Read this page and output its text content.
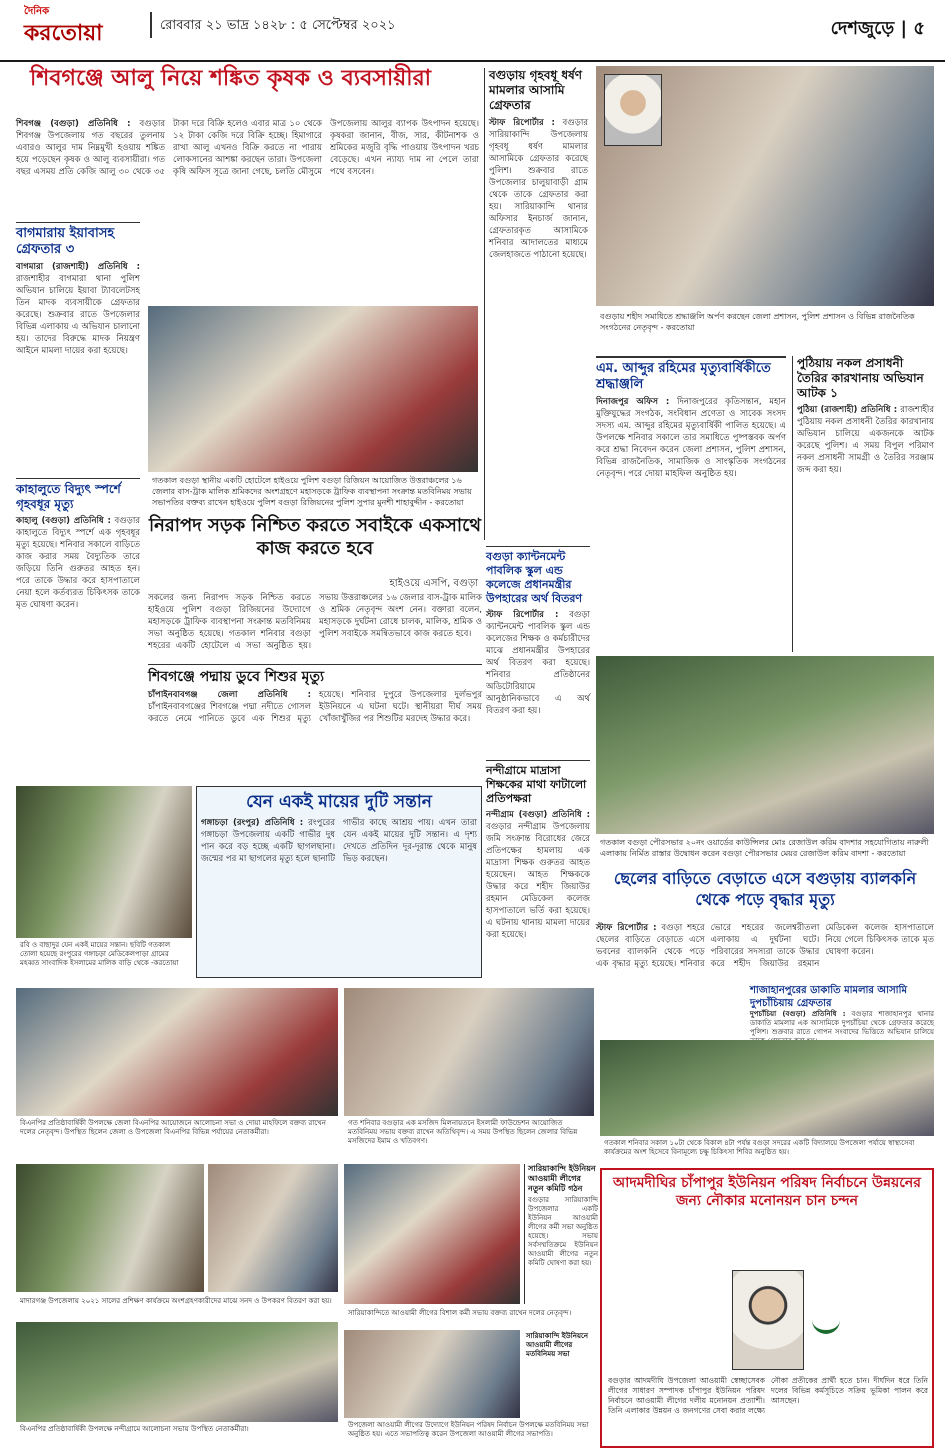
দৈনিক
করতোয়া	রোববার ২১ ভাদ্র ১৪২৮ : ৫ সেপ্টেম্বর ২০২১	দেশজুড়ে | ৫
শিবগঞ্জে আলু নিয়ে শঙ্কিত কৃষক ও ব্যবসায়ীরা
শিবগঞ্জ (বগুড়া) প্রতিনিধি : বগুড়ার শিবগঞ্জ উপজেলায় গত বছরের তুলনায় এবারও আলুর দাম নিম্নমুখী হওয়ায় শঙ্কিত হয়ে পড়েছেন কৃষক ও আলু ব্যবসায়ীরা। গত বছর এসময় প্রতি কেজি আলু ৩০ থেকে ৩৫ টাকা দরে বিক্রি হলেও এবার মাত্র ১০ থেকে ১২ টাকা কেজি দরে বিক্রি হচ্ছে। হিমাগারে রাখা আলু এখনও বিক্রি করতে না পারায় লোকসানের আশঙ্কা করছেন তারা। উপজেলা কৃষি অফিস সূত্রে জানা গেছে, চলতি মৌসুমে উপজেলায় আলুর ব্যাপক উৎপাদন হয়েছে। কৃষকরা জানান, বীজ, সার, কীটনাশক ও শ্রমিকের মজুরি বৃদ্ধি পাওয়ায় উৎপাদন খরচ বেড়েছে। এখন ন্যায্য দাম না পেলে তারা পথে বসবেন।
বগুড়ায় গৃহবধূ ধর্ষণ মামলার আসামি গ্রেফতার
স্টাফ রিপোর্টার : বগুড়ার সারিয়াকান্দি উপজেলায় গৃহবধূ ধর্ষণ মামলার আসামিকে গ্রেফতার করেছে পুলিশ। শুক্রবার রাতে উপজেলার চালুয়াবাড়ী গ্রাম থেকে তাকে গ্রেফতার করা হয়। সারিয়াকান্দি থানার অফিসার ইনচার্জ জানান, গ্রেফতারকৃত আসামিকে শনিবার আদালতের মাধ্যমে জেলহাজতে পাঠানো হয়েছে।
বগুড়ায় শহীদ সমাধিতে শ্রদ্ধাঞ্জলি অর্পণ করছেন জেলা প্রশাসন, পুলিশ প্রশাসন ও বিভিন্ন রাজনৈতিক সংগঠনের নেতৃবৃন্দ - করতোয়া
বাগমারায় ইয়াবাসহ গ্রেফতার ৩
বাগমারা (রাজশাহী) প্রতিনিধি : রাজশাহীর বাগমারা থানা পুলিশ অভিযান চালিয়ে ইয়াবা ট্যাবলেটসহ তিন মাদক ব্যবসায়ীকে গ্রেফতার করেছে। শুক্রবার রাতে উপজেলার বিভিন্ন এলাকায় এ অভিযান চালানো হয়। তাদের বিরুদ্ধে মাদক নিয়ন্ত্রণ আইনে মামলা দায়ের করা হয়েছে।
গতকাল বগুড়া স্থানীয় একটি হোটেলে হাইওয়ে পুলিশ বগুড়া রিজিয়ন আয়োজিত উত্তরাঞ্চলের ১৬ জেলার বাস-ট্রাক মালিক শ্রমিকদের অংশগ্রহণে মহাসড়কে ট্রাফিক ব্যবস্থাপনা সংক্রান্ত মতবিনিময় সভায় সভাপতির বক্তব্য রাখেন হাইওয়ে পুলিশ বগুড়া রিজিয়নের পুলিশ সুপার মুনশী শাহাবুদ্দীন - করতোয়া
নিরাপদ সড়ক নিশ্চিত করতে সবাইকে একসাথে কাজ করতে হবে
হাইওয়ে এসপি, বগুড়া
সকলের জন্য নিরাপদ সড়ক নিশ্চিত করতে হাইওয়ে পুলিশ বগুড়া রিজিয়নের উদ্যোগে মহাসড়কে ট্রাফিক ব্যবস্থাপনা সংক্রান্ত মতবিনিময় সভা অনুষ্ঠিত হয়েছে। গতকাল শনিবার বগুড়া শহরের একটি হোটেলে এ সভা অনুষ্ঠিত হয়। সভায় উত্তরাঞ্চলের ১৬ জেলার বাস-ট্রাক মালিক ও শ্রমিক নেতৃবৃন্দ অংশ নেন। বক্তারা বলেন, মহাসড়কে দুর্ঘটনা রোধে চালক, মালিক, শ্রমিক ও পুলিশ সবাইকে সমন্বিতভাবে কাজ করতে হবে।
কাহালুতে বিদ্যুৎ স্পর্শে গৃহবধূর মৃত্যু
কাহালু (বগুড়া) প্রতিনিধি : বগুড়ার কাহালুতে বিদ্যুৎ স্পর্শে এক গৃহবধূর মৃত্যু হয়েছে। শনিবার সকালে বাড়িতে কাজ করার সময় বৈদ্যুতিক তারে জড়িয়ে তিনি গুরুতর আহত হন। পরে তাকে উদ্ধার করে হাসপাতালে নেয়া হলে কর্তব্যরত চিকিৎসক তাকে মৃত ঘোষণা করেন।
শিবগঞ্জে পদ্মায় ডুবে শিশুর মৃত্যু
চাঁপাইনবাবগঞ্জ জেলা প্রতিনিধি : চাঁপাইনবাবগঞ্জের শিবগঞ্জে পদ্মা নদীতে গোসল করতে নেমে পানিতে ডুবে এক শিশুর মৃত্যু হয়েছে। শনিবার দুপুরে উপজেলার দুর্লভপুর ইউনিয়নে এ ঘটনা ঘটে। স্থানীয়রা দীর্ঘ সময় খোঁজাখুঁজির পর শিশুটির মরদেহ উদ্ধার করে।
বগুড়া ক্যান্টনমেন্ট পাবলিক স্কুল এন্ড কলেজে প্রধানমন্ত্রীর উপহারের অর্থ বিতরণ
স্টাফ রিপোর্টার : বগুড়া ক্যান্টনমেন্ট পাবলিক স্কুল এন্ড কলেজের শিক্ষক ও কর্মচারীদের মাঝে প্রধানমন্ত্রীর উপহারের অর্থ বিতরণ করা হয়েছে। শনিবার প্রতিষ্ঠানের অডিটোরিয়ামে আনুষ্ঠানিকভাবে এ অর্থ বিতরণ করা হয়।
নন্দীগ্রামে মাদ্রাসা শিক্ষকের মাথা ফাটালো প্রতিপক্ষরা
নন্দীগ্রাম (বগুড়া) প্রতিনিধি : বগুড়ার নন্দীগ্রাম উপজেলায় জমি সংক্রান্ত বিরোধের জেরে প্রতিপক্ষের হামলায় এক মাদ্রাসা শিক্ষক গুরুতর আহত হয়েছেন। আহত শিক্ষককে উদ্ধার করে শহীদ জিয়াউর রহমান মেডিকেল কলেজ হাসপাতালে ভর্তি করা হয়েছে। এ ঘটনায় থানায় মামলা দায়ের করা হয়েছে।
এম. আব্দুর রহিমের মৃত্যুবার্ষিকীতে শ্রদ্ধাঞ্জলি
দিনাজপুর অফিস : দিনাজপুরের কৃতিসন্তান, মহান মুক্তিযুদ্ধের সংগঠক, সংবিধান প্রণেতা ও সাবেক সংসদ সদস্য এম. আব্দুর রহিমের মৃত্যুবার্ষিকী পালিত হয়েছে। এ উপলক্ষে শনিবার সকালে তার সমাধিতে পুষ্পস্তবক অর্পণ করে শ্রদ্ধা নিবেদন করেন জেলা প্রশাসন, পুলিশ প্রশাসন, বিভিন্ন রাজনৈতিক, সামাজিক ও সাংস্কৃতিক সংগঠনের নেতৃবৃন্দ। পরে দোয়া মাহফিল অনুষ্ঠিত হয়।
পুঠিয়ায় নকল প্রসাধনী তৈরির কারখানায় অভিযান আটক ১
পুঠিয়া (রাজশাহী) প্রতিনিধি : রাজশাহীর পুঠিয়ায় নকল প্রসাধনী তৈরির কারখানায় অভিযান চালিয়ে একজনকে আটক করেছে পুলিশ। এ সময় বিপুল পরিমাণ নকল প্রসাধনী সামগ্রী ও তৈরির সরঞ্জাম জব্দ করা হয়।
গতকাল বগুড়া পৌরসভার ২০নং ওয়ার্ডের কাউন্সিলর মোঃ রেজাউল করিম বাদশার সহযোগিতায় নারুলী এলাকায় নির্মিত রাস্তার উদ্বোধন করেন বগুড়া পৌরসভার মেয়র রেজাউল করিম বাদশা - করতোয়া
ছেলের বাড়িতে বেড়াতে এসে বগুড়ায় ব্যালকনি থেকে পড়ে বৃদ্ধার মৃত্যু
স্টাফ রিপোর্টার : বগুড়া শহরে ছেলের বাড়িতে বেড়াতে এসে ভবনের ব্যালকনি থেকে পড়ে এক বৃদ্ধার মৃত্যু হয়েছে। শনিবার ভোরে শহরের জলেশ্বরীতলা এলাকায় এ দুর্ঘটনা ঘটে। পরিবারের সদস্যরা তাকে উদ্ধার করে শহীদ জিয়াউর রহমান মেডিকেল কলেজ হাসপাতালে নিয়ে গেলে চিকিৎসক তাকে মৃত ঘোষণা করেন।
শাজাহানপুরের ডাকাতি মামলার আসামি দুপচাঁচিয়ায় গ্রেফতার
দুপচাঁচিয়া (বগুড়া) প্রতিনিধি : বগুড়ার শাজাহানপুর থানার ডাকাতি মামলার এক আসামিকে দুপচাঁচিয়া থেকে গ্রেফতার করেছে পুলিশ। শুক্রবার রাতে গোপন সংবাদের ভিত্তিতে অভিযান চালিয়ে
রবি ও বাছাদুর যেন একই মায়ের সন্তান। ছবিটি গতকাল তোলা হয়েছে রংপুরের গঙ্গাচড়া মেডিকেলপাড়া গ্রামের মহব্বত সাংবাদিক ইসলামের মালিক বাড়ি থেকে -করতোয়া
যেন একই মায়ের দুটি সন্তান
গঙ্গাচড়া (রংপুর) প্রতিনিধি : রংপুরের গঙ্গাচড়া উপজেলায় একটি গাভীর দুধ পান করে বড় হচ্ছে একটি ছাগলছানা। জন্মের পর মা ছাগলের মৃত্যু হলে ছানাটি গাভীর কাছে আশ্রয় পায়। এখন তারা যেন একই মায়ের দুটি সন্তান। এ দৃশ্য দেখতে প্রতিদিন দূর-দূরান্ত থেকে মানুষ ভিড় করছেন।
বিএনপির প্রতিষ্ঠাবার্ষিকী উপলক্ষে জেলা বিএনপির আয়োজনে আলোচনা সভা ও দোয়া মাহফিলে বক্তব্য রাখেন দলের নেতৃবৃন্দ। উপস্থিত ছিলেন জেলা ও উপজেলা বিএনপির বিভিন্ন পর্যায়ের নেতাকর্মীরা।
গত শনিবার বগুড়ার এক মসজিদ মিলনায়তনে ইসলামী ফাউন্ডেশন আয়োজিত মতবিনিময় সভায় বক্তব্য রাখেন অতিথিবৃন্দ। এ সময় উপস্থিত ছিলেন জেলার বিভিন্ন মসজিদের ইমাম ও খতিবগণ।	গতকাল শনিবার সকাল ১০টা থেকে বিকাল ৪টা পর্যন্ত বগুড়া সদরের একটি বিদ্যালয়ে উপজেলা পর্যায়ে স্বাস্থ্যসেবা কার্যক্রমের অংশ হিসেবে বিনামূল্যে চক্ষু চিকিৎসা শিবির অনুষ্ঠিত হয়।
মাদারগঞ্জ উপজেলায় ২০২১ সালের প্রশিক্ষণ কার্যক্রমে অংশগ্রহণকারীদের মাঝে সনদ ও উপকরণ বিতরণ করা হয়।
সারিয়াকান্দিতে আওয়ামী লীগের বিশাল কর্মী সভায় বক্তব্য রাখেন দলের নেতৃবৃন্দ।
সারিয়াকান্দি ইউনিয়ন আওয়ামী লীগের নতুন কমিটি গঠন
বগুড়ার সারিয়াকান্দি উপজেলার একটি ইউনিয়ন আওয়ামী লীগের কর্মী সভা অনুষ্ঠিত হয়েছে। সভায় সর্বসম্মতিক্রমে ইউনিয়ন আওয়ামী লীগের নতুন কমিটি ঘোষণা করা হয়।
বিএনপির প্রতিষ্ঠাবার্ষিকী উপলক্ষে নন্দীগ্রামে আলোচনা সভায় উপস্থিত নেতাকর্মীরা।
সারিয়াকান্দি ইউনিয়নে আওয়ামী লীগের মতবিনিময় সভা
উপজেলা আওয়ামী লীগের উদ্যোগে ইউনিয়ন পরিষদ নির্বাচন উপলক্ষে মতবিনিময় সভা অনুষ্ঠিত হয়। এতে সভাপতিত্ব করেন উপজেলা আওয়ামী লীগের সভাপতি।
আদমদীঘির চাঁপাপুর ইউনিয়ন পরিষদ নির্বাচনে উন্নয়নের জন্য নৌকার মনোনয়ন চান চন্দন
বগুড়ার আদমদীঘি উপজেলা আওয়ামী স্বেচ্ছাসেবক লীগের সাধারণ সম্পাদক চাঁপাপুর ইউনিয়ন পরিষদ নির্বাচনে আওয়ামী লীগের দলীয় মনোনয়ন প্রত্যাশী। তিনি এলাকার উন্নয়ন ও জনগণের সেবা করার লক্ষ্যে নৌকা প্রতীকের প্রার্থী হতে চান। দীর্ঘদিন ধরে তিনি দলের বিভিন্ন কর্মসূচিতে সক্রিয় ভূমিকা পালন করে আসছেন।
